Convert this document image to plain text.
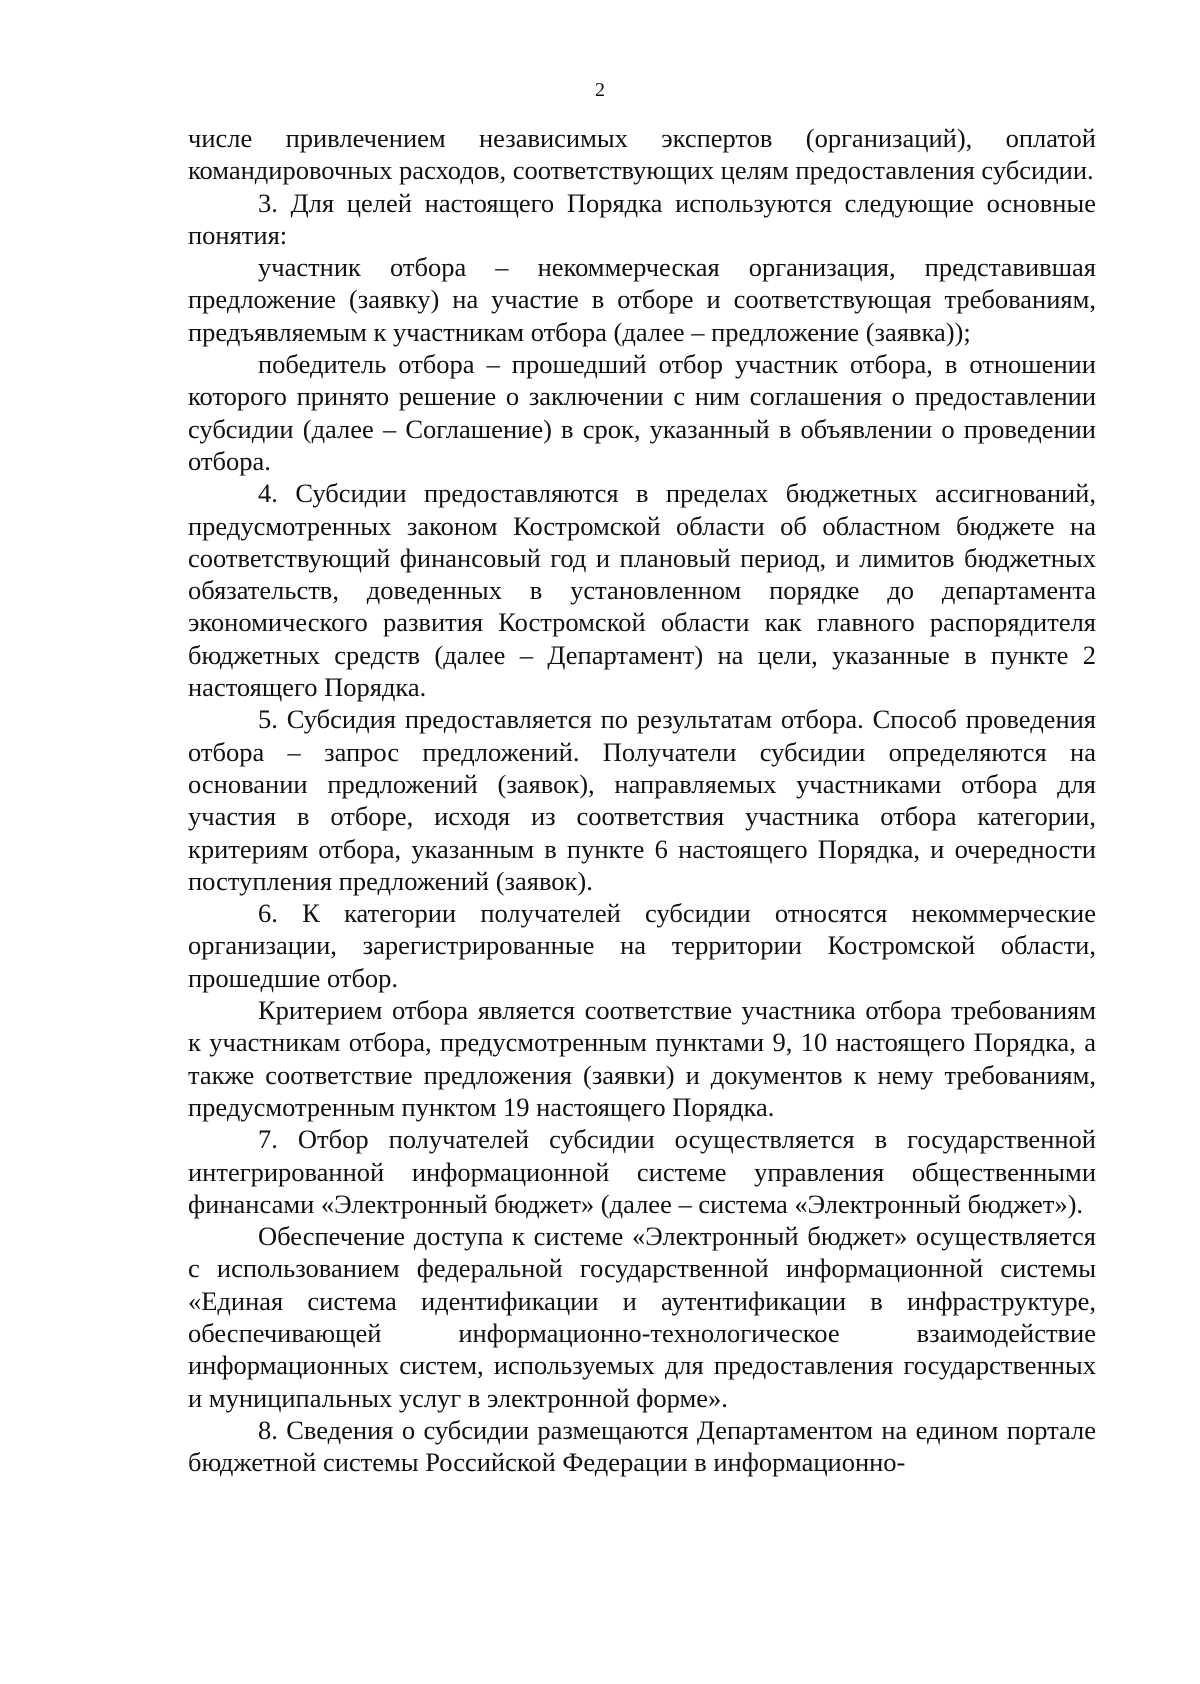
2

числе привлечением независимых экспертов (организаций), оплатой командировочных расходов, соответствующих целям предоставления субсидии.

3. Для целей настоящего Порядка используются следующие основные понятия:

участник отбора – некоммерческая организация, представившая предложение (заявку) на участие в отборе и соответствующая требованиям, предъявляемым к участникам отбора (далее – предложение (заявка));

победитель отбора – прошедший отбор участник отбора, в отношении которого принято решение о заключении с ним соглашения о предоставлении субсидии (далее – Соглашение) в срок, указанный в объявлении о проведении отбора.

4. Субсидии предоставляются в пределах бюджетных ассигнований, предусмотренных законом Костромской области об областном бюджете на соответствующий финансовый год и плановый период, и лимитов бюджетных обязательств, доведенных в установленном порядке до департамента экономического развития Костромской области как главного распорядителя бюджетных средств (далее – Департамент) на цели, указанные в пункте 2 настоящего Порядка.

5. Субсидия предоставляется по результатам отбора. Способ проведения отбора – запрос предложений. Получатели субсидии определяются на основании предложений (заявок), направляемых участниками отбора для участия в отборе, исходя из соответствия участника отбора категории, критериям отбора, указанным в пункте 6 настоящего Порядка, и очередности поступления предложений (заявок).

6. К категории получателей субсидии относятся некоммерческие организации, зарегистрированные на территории Костромской области, прошедшие отбор.

Критерием отбора является соответствие участника отбора требованиям к участникам отбора, предусмотренным пунктами 9, 10 настоящего Порядка, а также соответствие предложения (заявки) и документов к нему требованиям, предусмотренным пунктом 19 настоящего Порядка.

7. Отбор получателей субсидии осуществляется в государственной интегрированной информационной системе управления общественными финансами «Электронный бюджет» (далее – система «Электронный бюджет»).

Обеспечение доступа к системе «Электронный бюджет» осуществляется с использованием федеральной государственной информационной системы «Единая система идентификации и аутентификации в инфраструктуре, обеспечивающей информационно-технологическое взаимодействие информационных систем, используемых для предоставления государственных и муниципальных услуг в электронной форме».

8. Сведения о субсидии размещаются Департаментом на едином портале бюджетной системы Российской Федерации в информационно-
